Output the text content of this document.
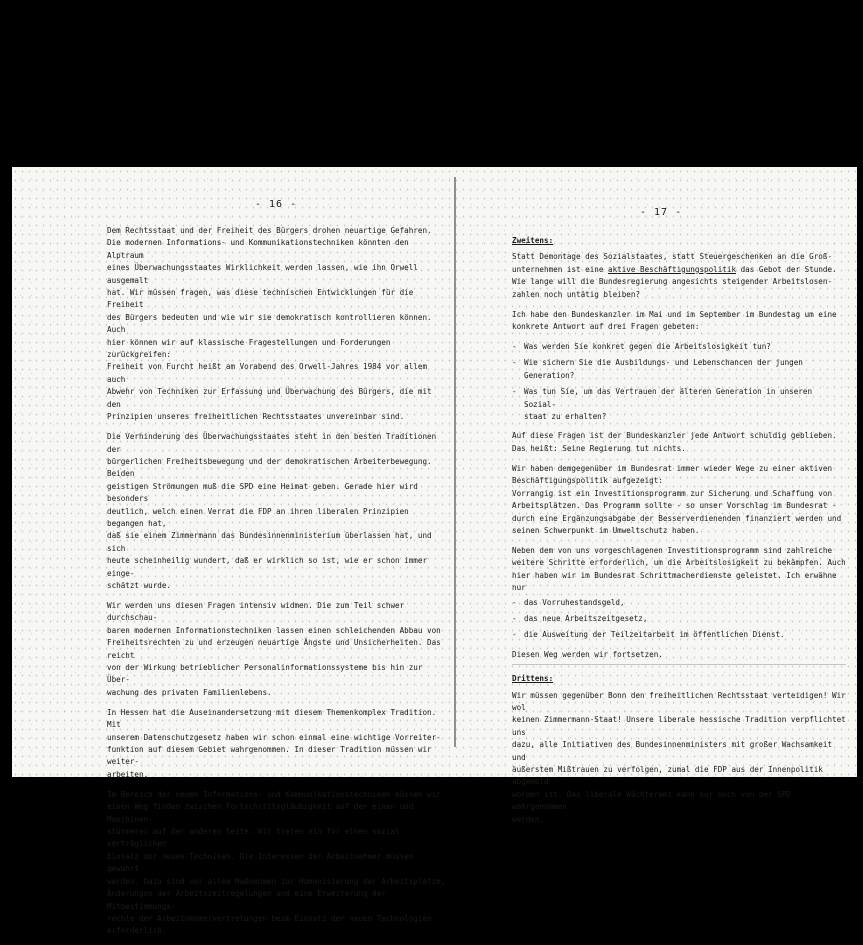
- 16 -

Dem Rechtsstaat und der Freiheit des Bürgers drohen neuartige Gefahren.
Die modernen Informations- und Kommunikationstechniken könnten den Alptraum
eines Überwachungsstaates Wirklichkeit werden lassen, wie ihn Orwell ausgemalt
hat. Wir müssen fragen, was diese technischen Entwicklungen für die Freiheit
des Bürgers bedeuten und wie wir sie demokratisch kontrollieren können. Auch
hier können wir auf klassische Fragestellungen und Forderungen zurückgreifen:
Freiheit von Furcht heißt am Vorabend des Orwell-Jahres 1984 vor allem auch
Abwehr von Techniken zur Erfassung und Überwachung des Bürgers, die mit den
Prinzipien unseres freiheitlichen Rechtsstaates unvereinbar sind.

Die Verhinderung des Überwachungsstaates steht in den besten Traditionen der
bürgerlichen Freiheitsbewegung und der demokratischen Arbeiterbewegung. Beiden
geistigen Strömungen muß die SPD eine Heimat geben. Gerade hier wird besonders
deutlich, welch einen Verrat die FDP an ihren liberalen Prinzipien begangen hat,
daß sie einem Zimmermann das Bundesinnenministerium überlassen hat, und sich
heute scheinheilig wundert, daß er wirklich so ist, wie er schon immer einge-
schätzt wurde.

Wir werden uns diesen Fragen intensiv widmen. Die zum Teil schwer durchschau-
baren modernen Informationstechniken lassen einen schleichenden Abbau von
Freiheitsrechten zu und erzeugen neuartige Ängste und Unsicherheiten. Das reicht
von der Wirkung betrieblicher Personalinformationssysteme bis hin zur Über-
wachung des privaten Familienlebens.

In Hessen hat die Auseinandersetzung mit diesem Themenkomplex Tradition. Mit
unserem Datenschutzgesetz haben wir schon einmal eine wichtige Vorreiter-
funktion auf diesem Gebiet wahrgenommen. In dieser Tradition müssen wir weiter-
arbeiten.

Im Bereich der neuen Informations- und Kommunikationstechniken müssen wir
einen Weg finden zwischen Fortschrittsgläubigkeit auf der einen und Maschinen-
stürmerei auf der anderen Seite. Wir treten ein für einen sozial verträglichen
Einsatz der neuen Techniken. Die Interessen der Arbeitnehmer müssen gewahrt
werden. Dazu sind vor allem Maßnahmen zur Humanisierung der Arbeitsplätze,
Änderungen der Arbeitszeitregelungen und eine Erweiterung der Mitbestimmungs-
rechte der Arbeitnehmervertretungen beim Einsatz der neuen Technologien
erforderlich.

- 17 -
Zweitens:

Statt Demontage des Sozialstaates, statt Steuergeschenken an die Groß-
unternehmen ist eine aktive Beschäftigungspolitik das Gebot der Stunde.
Wie lange will die Bundesregierung angesichts steigender Arbeitslosen-
zahlen noch untätig bleiben?

Ich habe den Bundeskanzler im Mai und im September im Bundestag um eine
konkrete Antwort auf drei Fragen gebeten:

- Was werden Sie konkret gegen die Arbeitslosigkeit tun?
- Wie sichern Sie die Ausbildungs- und Lebenschancen der jungen Generation?
- Was tun Sie, um das Vertrauen der älteren Generation in unseren Sozial-
staat zu erhalten?

Auf diese Fragen ist der Bundeskanzler jede Antwort schuldig geblieben.
Das heißt: Seine Regierung tut nichts.

Wir haben demgegenüber im Bundesrat immer wieder Wege zu einer aktiven
Beschäftigungspolitik aufgezeigt:
Vorrangig ist ein Investitionsprogramm zur Sicherung und Schaffung von
Arbeitsplätzen. Das Programm sollte - so unser Vorschlag im Bundesrat -
durch eine Ergänzungsabgabe der Besserverdienenden finanziert werden und
seinen Schwerpunkt im Umweltschutz haben.

Neben dem von uns vorgeschlagenen Investitionsprogramm sind zahlreiche
weitere Schritte erforderlich, um die Arbeitslosigkeit zu bekämpfen. Auch
hier haben wir im Bundesrat Schrittmacherdienste geleistet. Ich erwähne nur

- das Vorruhestandsgeld,
- das neue Arbeitszeitgesetz,
- die Ausweitung der Teilzeitarbeit im öffentlichen Dienst.

Diesen Weg werden wir fortsetzen.

Drittens:

Wir müssen gegenüber Bonn den freiheitlichen Rechtsstaat verteidigen! Wir wol
keinen Zimmermann-Staat! Unsere liberale hessische Tradition verpflichtet uns
dazu, alle Initiativen des Bundesinnenministers mit großer Wachsamkeit und
äußerstem Mißtrauen zu verfolgen, zumal die FDP aus der Innenpolitik abgemeld
worden ist. Das liberale Wächteramt kann nur noch von der SPD wahrgenommen
werden.
